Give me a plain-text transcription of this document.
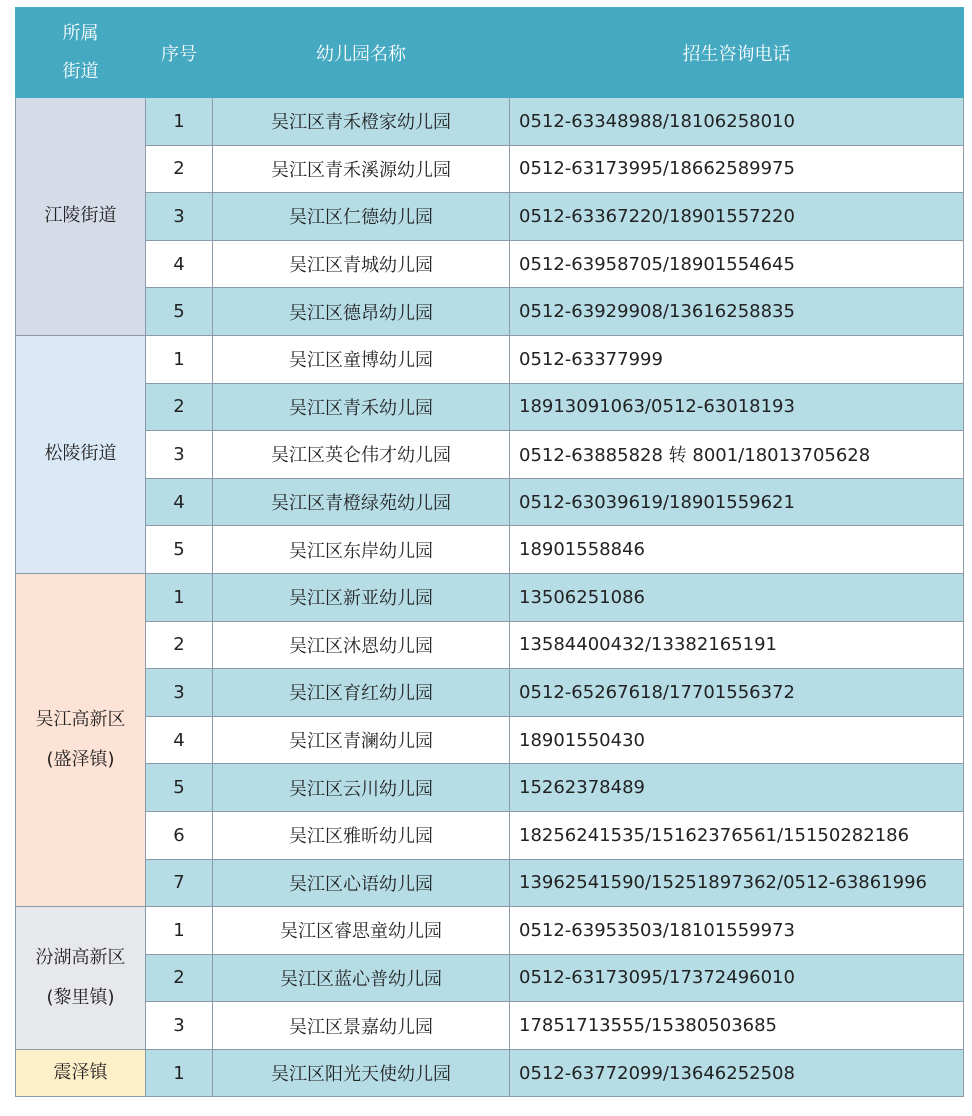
所属
街道	序号	幼儿园名称	招生咨询电话
江陵街道	1	吴江区青禾橙家幼儿园	0512-63348988/18106258010
	2	吴江区青禾溪源幼儿园	0512-63173995/18662589975
	3	吴江区仁德幼儿园	0512-63367220/18901557220
	4	吴江区青城幼儿园	0512-63958705/18901554645
	5	吴江区德昂幼儿园	0512-63929908/13616258835
松陵街道	1	吴江区童博幼儿园	0512-63377999
	2	吴江区青禾幼儿园	18913091063/0512-63018193
	3	吴江区英仑伟才幼儿园	0512-63885828 转 8001/18013705628
	4	吴江区青橙绿苑幼儿园	0512-63039619/18901559621
	5	吴江区东岸幼儿园	18901558846
吴江高新区
(盛泽镇)	1	吴江区新亚幼儿园	13506251086
	2	吴江区沐恩幼儿园	13584400432/13382165191
	3	吴江区育红幼儿园	0512-65267618/17701556372
	4	吴江区青澜幼儿园	18901550430
	5	吴江区云川幼儿园	15262378489
	6	吴江区雅昕幼儿园	18256241535/15162376561/15150282186
	7	吴江区心语幼儿园	13962541590/15251897362/0512-63861996
汾湖高新区
(黎里镇)	1	吴江区睿思童幼儿园	0512-63953503/18101559973
	2	吴江区蓝心普幼儿园	0512-63173095/17372496010
	3	吴江区景嘉幼儿园	17851713555/15380503685
震泽镇	1	吴江区阳光天使幼儿园	0512-63772099/13646252508
